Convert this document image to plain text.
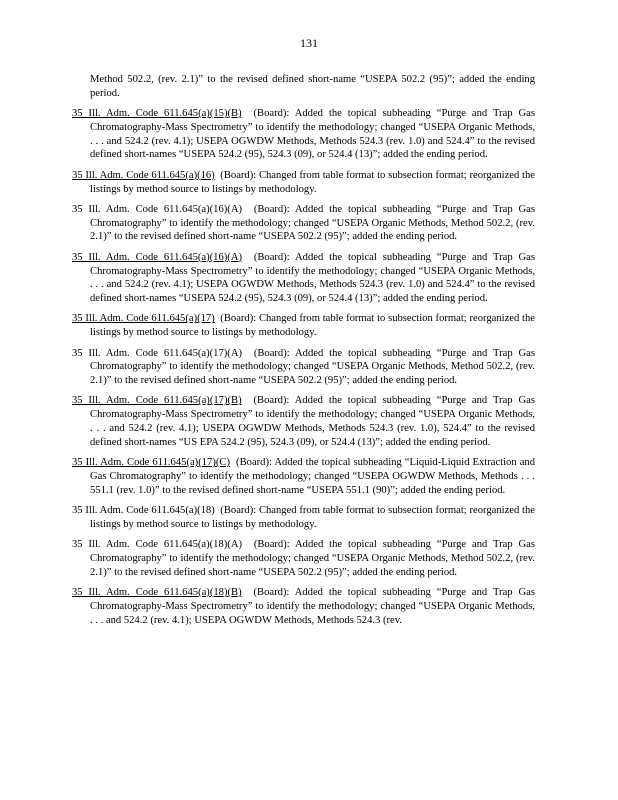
131
Method 502.2, (rev. 2.1)” to the revised defined short-name “USEPA 502.2 (95)”; added the ending period.
35 Ill. Adm. Code 611.645(a)(15)(B) (Board): Added the topical subheading “Purge and Trap Gas Chromatography-Mass Spectrometry” to identify the methodology; changed “USEPA Organic Methods, . . . and 524.2 (rev. 4.1); USEPA OGWDW Methods, Methods 524.3 (rev. 1.0) and 524.4” to the revised defined short-names “USEPA 524.2 (95), 524.3 (09), or 524.4 (13)”; added the ending period.
35 Ill. Adm. Code 611.645(a)(16) (Board): Changed from table format to subsection format; reorganized the listings by method source to listings by methodology.
35 Ill. Adm. Code 611.645(a)(16)(A) (Board): Added the topical subheading “Purge and Trap Gas Chromatography” to identify the methodology; changed “USEPA Organic Methods, Method 502.2, (rev. 2.1)” to the revised defined short-name “USEPA 502.2 (95)”; added the ending period.
35 Ill. Adm. Code 611.645(a)(16)(A) (Board): Added the topical subheading “Purge and Trap Gas Chromatography-Mass Spectrometry” to identify the methodology; changed “USEPA Organic Methods, . . . and 524.2 (rev. 4.1); USEPA OGWDW Methods, Methods 524.3 (rev. 1.0) and 524.4” to the revised defined short-names “USEPA 524.2 (95), 524.3 (09), or 524.4 (13)”; added the ending period.
35 Ill. Adm. Code 611.645(a)(17) (Board): Changed from table format to subsection format; reorganized the listings by method source to listings by methodology.
35 Ill. Adm. Code 611.645(a)(17)(A) (Board): Added the topical subheading “Purge and Trap Gas Chromatography” to identify the methodology; changed “USEPA Organic Methods, Method 502.2, (rev. 2.1)” to the revised defined short-name “USEPA 502.2 (95)”; added the ending period.
35 Ill. Adm. Code 611.645(a)(17)(B) (Board): Added the topical subheading “Purge and Trap Gas Chromatography-Mass Spectrometry” to identify the methodology; changed “USEPA Organic Methods, . . . and 524.2 (rev. 4.1); USEPA OGWDW Methods, Methods 524.3 (rev. 1.0), 524.4” to the revised defined short-names “US EPA 524.2 (95), 524.3 (09), or 524.4 (13)”; added the ending period.
35 Ill. Adm. Code 611.645(a)(17)(C) (Board): Added the topical subheading “Liquid-Liquid Extraction and Gas Chromatography” to identify the methodology; changed “USEPA OGWDW Methods, Methods . . . 551.1 (rev. 1.0)” to the revised defined short-name “USEPA 551.1 (90)”; added the ending period.
35 Ill. Adm. Code 611.645(a)(18) (Board): Changed from table format to subsection format; reorganized the listings by method source to listings by methodology.
35 Ill. Adm. Code 611.645(a)(18)(A) (Board): Added the topical subheading “Purge and Trap Gas Chromatography” to identify the methodology; changed “USEPA Organic Methods, Method 502.2, (rev. 2.1)” to the revised defined short-name “USEPA 502.2 (95)”; added the ending period.
35 Ill. Adm. Code 611.645(a)(18)(B) (Board): Added the topical subheading “Purge and Trap Gas Chromatography-Mass Spectrometry” to identify the methodology; changed “USEPA Organic Methods, . . . and 524.2 (rev. 4.1); USEPA OGWDW Methods, Methods 524.3 (rev.
